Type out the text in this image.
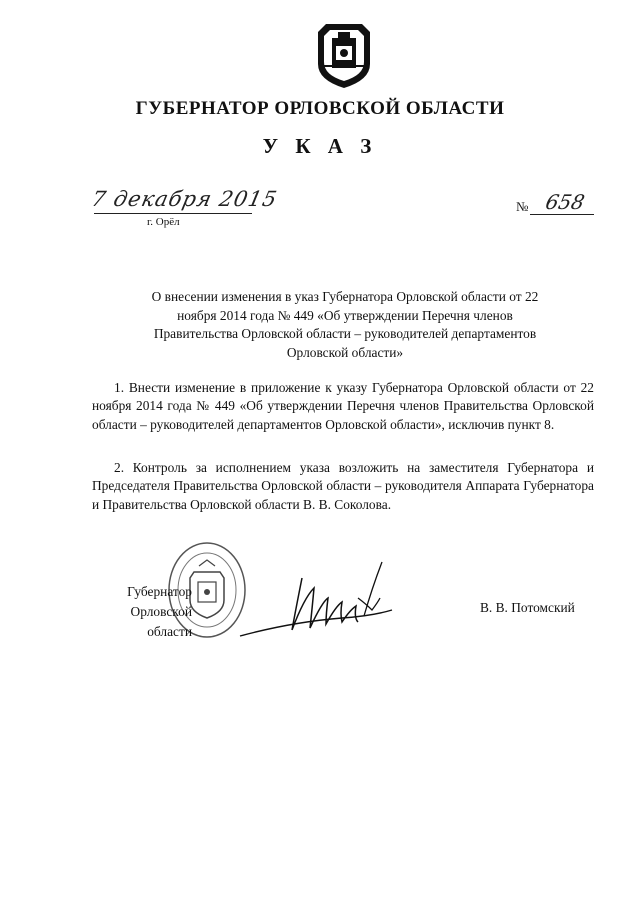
ГУБЕРНАТОР ОРЛОВСКОЙ ОБЛАСТИ
У К А З
7 декабря 2015
г. Орёл
№ 658
О внесении изменения в указ Губернатора Орловской области от 22 ноября 2014 года № 449 «Об утверждении Перечня членов Правительства Орловской области – руководителей департаментов Орловской области»
1. Внести изменение в приложение к указу Губернатора Орловской области от 22 ноября 2014 года № 449 «Об утверждении Перечня членов Правительства Орловской области – руководителей департаментов Орловской области», исключив пункт 8.
2. Контроль за исполнением указа возложить на заместителя Губернатора и Председателя Правительства Орловской области – руководителя Аппарата Губернатора и Правительства Орловской области В. В. Соколова.
Губернатор
Орловской области
В. В. Потомский
